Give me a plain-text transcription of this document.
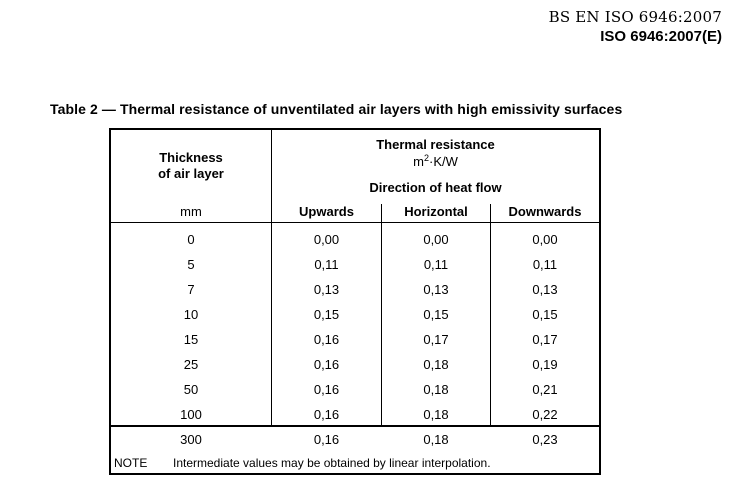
BS EN ISO 6946:2007
ISO 6946:2007(E)
Table 2 — Thermal resistance of unventilated air layers with high emissivity surfaces
Thickness
of air layer
mm
Thermal resistance
$m^2\cdot K/W$
Direction of heat flow
Upwards	Horizontal	Downwards
0	0,00	0,00	0,00
5	0,11	0,11	0,11
7	0,13	0,13	0,13
10	0,15	0,15	0,15
15	0,16	0,17	0,17
25	0,16	0,18	0,19
50	0,16	0,18	0,21
100	0,16	0,18	0,22
300	0,16	0,18	0,23
NOTE Intermediate values may be obtained by linear interpolation.
